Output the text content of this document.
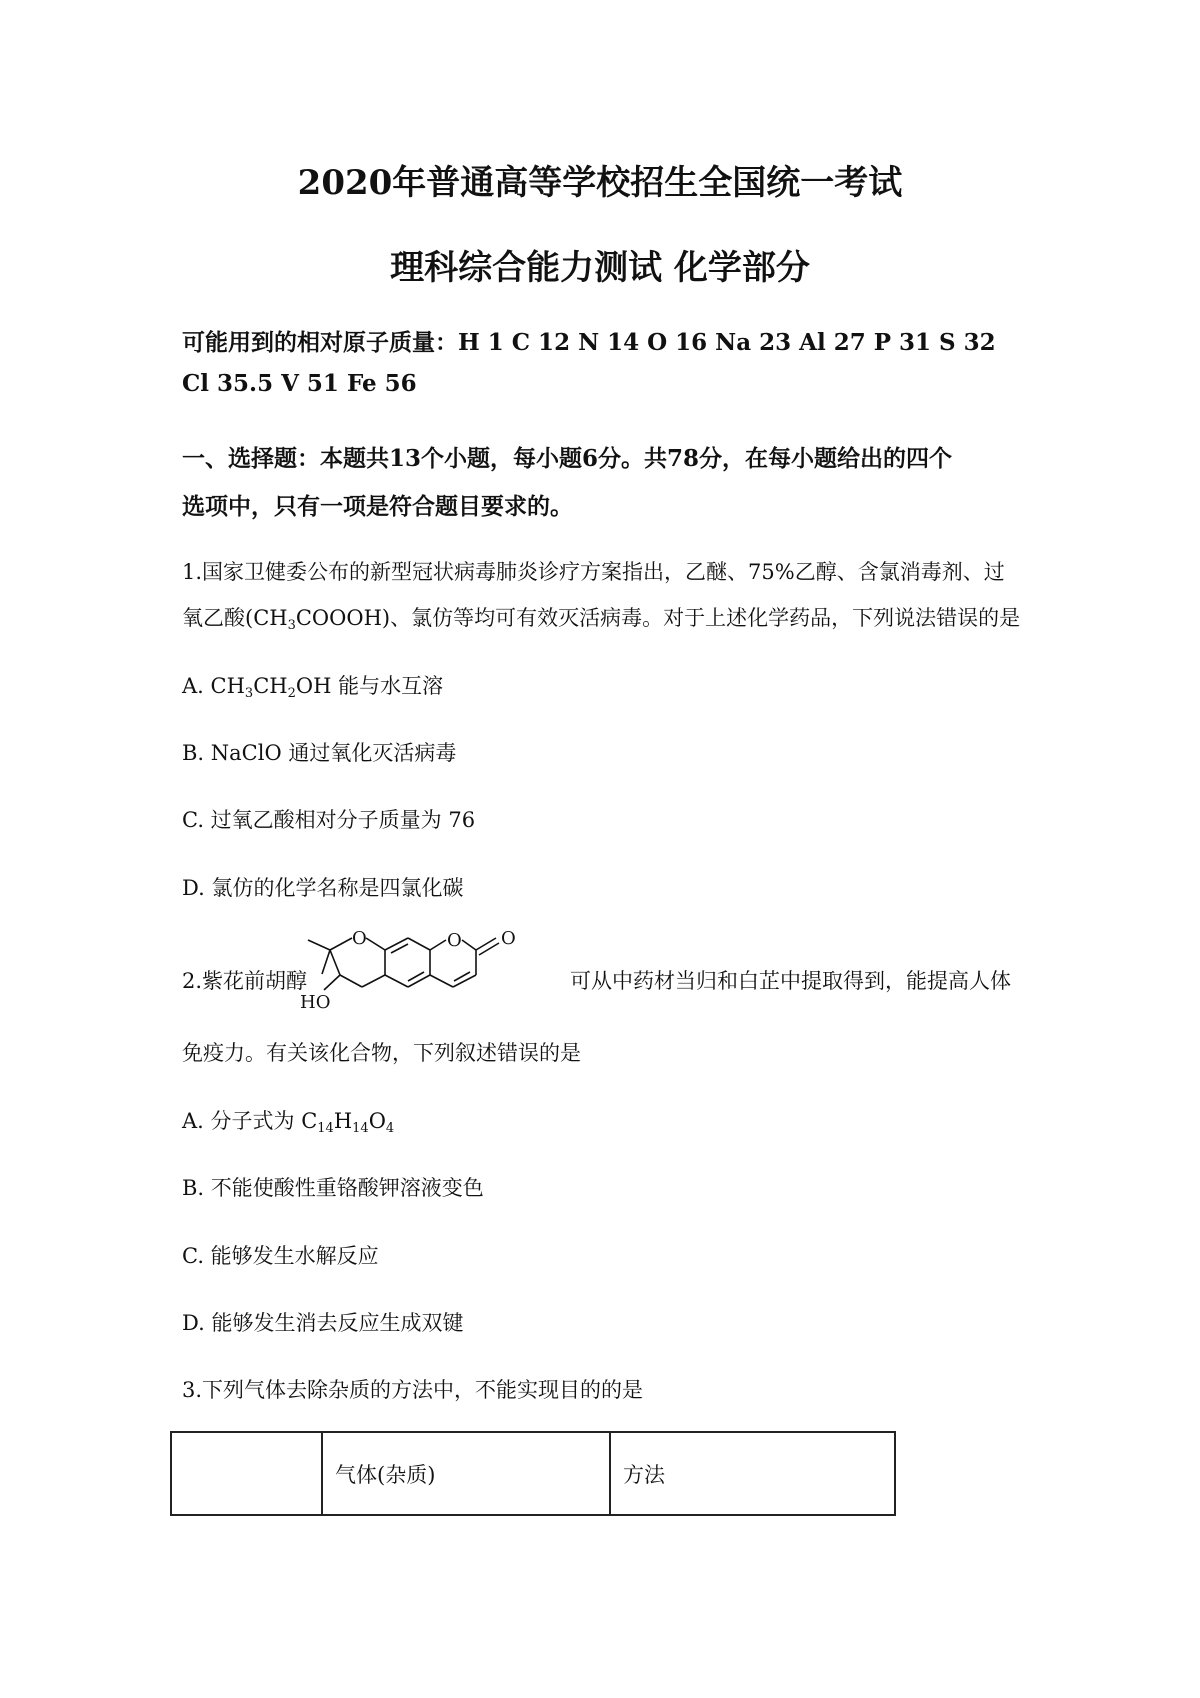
2020年普通高等学校招生全国统一考试

理科综合能力测试 化学部分

可能用到的相对原子质量：H 1 C 12 N 14 O 16 Na 23 Al 27 P 31 S 32

Cl 35.5 V 51 Fe 56

一、选择题：本题共13个小题，每小题6分。共78分，在每小题给出的四个

选项中，只有一项是符合题目要求的。

1.国家卫健委公布的新型冠状病毒肺炎诊疗方案指出，乙醚、75%乙醇、含氯消毒剂、过

氧乙酸$(CH_3COOOH)$、氯仿等均可有效灭活病毒。对于上述化学药品，下列说法错误的是

A. $CH_3CH_2OH$ 能与水互溶

B. NaClO 通过氧化灭活病毒

C. 过氧乙酸相对分子质量为 76

D. 氯仿的化学名称是四氯化碳

2.紫花前胡醇

O	O O
HO

可从中药材当归和白芷中提取得到，能提高人体

免疫力。有关该化合物，下列叙述错误的是

A. 分子式为 $C_{14}H_{14}O_4$

B. 不能使酸性重铬酸钾溶液变色

C. 能够发生水解反应

D. 能够发生消去反应生成双键

3.下列气体去除杂质的方法中，不能实现目的的是

	气体(杂质)	方法
